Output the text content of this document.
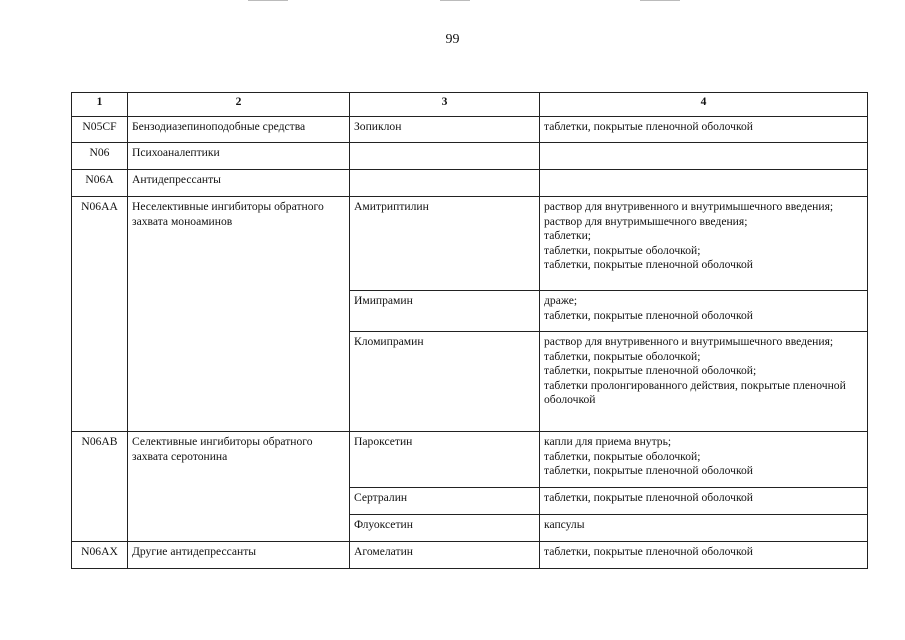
99
1	2	3	4
N05CF	Бензодиазепиноподобные средства	Зопиклон	таблетки, покрытые пленочной оболочкой

N06	Психоаналептики		
N06A	Антидепрессанты		
N06AA	Неселективные ингибиторы обратного захвата моноаминов	Амитриптилин	раствор для внутривенного и внутримышечного введения;
раствор для внутримышечного введения;
таблетки;
таблетки, покрытые оболочкой;
таблетки, покрытые пленочной оболочкой

		Имипрамин	драже;
таблетки, покрытые пленочной оболочкой

		Кломипрамин	раствор для внутривенного и внутримышечного введения;
таблетки, покрытые оболочкой;
таблетки, покрытые пленочной оболочкой;
таблетки пролонгированного действия, покрытые пленочной оболочкой

N06AB	Селективные ингибиторы обратного захвата серотонина	Пароксетин	капли для приема внутрь;
таблетки, покрытые оболочкой;
таблетки, покрытые пленочной оболочкой

		Сертралин	таблетки, покрытые пленочной оболочкой

		Флуоксетин	капсулы

N06AX	Другие антидепрессанты	Агомелатин	таблетки, покрытые пленочной оболочкой
